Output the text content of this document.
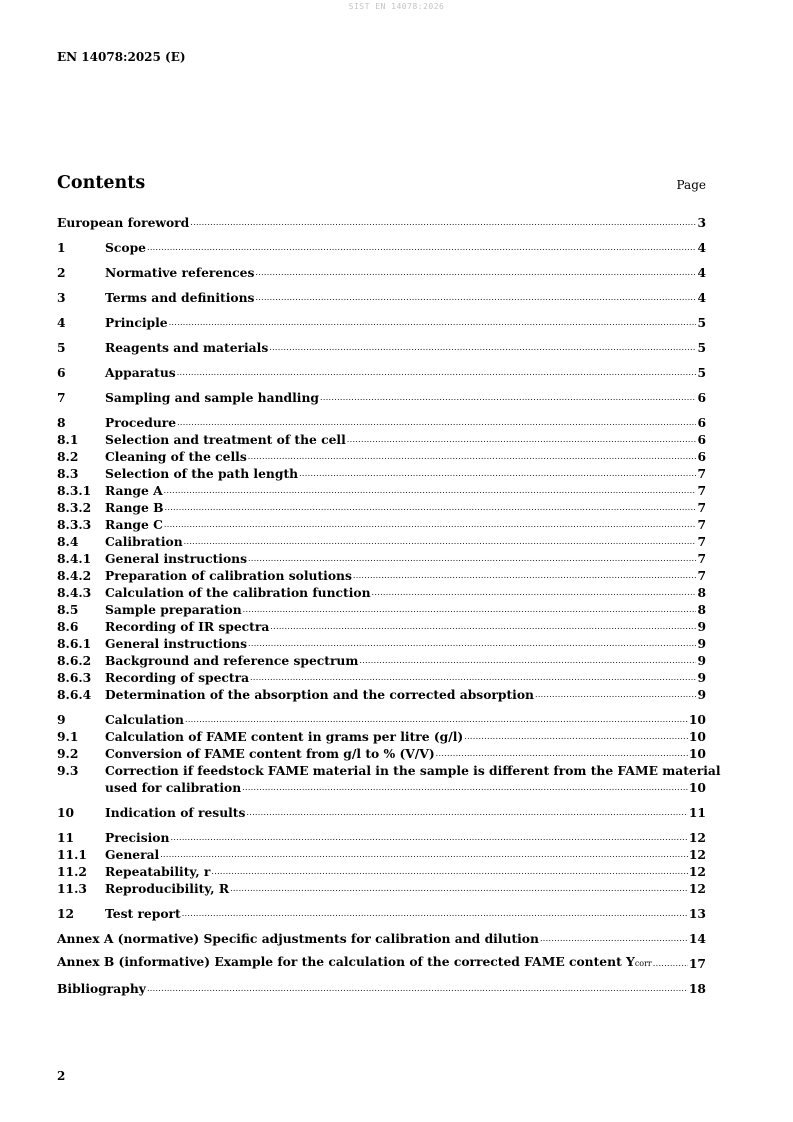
SIST EN 14078:2026
EN 14078:2025 (E)
Contents	Page
European foreword .....	3
1	Scope .....	4
2	Normative references .....	4
3	Terms and definitions .....	4
4	Principle .....	5
5	Reagents and materials .....	5
6	Apparatus .....	5
7	Sampling and sample handling .....	6
8	Procedure .....	6
8.1	Selection and treatment of the cell .....	6
8.2	Cleaning of the cells .....	6
8.3	Selection of the path length .....	7
8.3.1	Range A .....	7
8.3.2	Range B .....	7
8.3.3	Range C .....	7
8.4	Calibration .....	7
8.4.1	General instructions .....	7
8.4.2	Preparation of calibration solutions .....	7
8.4.3	Calculation of the calibration function .....	8
8.5	Sample preparation .....	8
8.6	Recording of IR spectra .....	9
8.6.1	General instructions .....	9
8.6.2	Background and reference spectrum .....	9
8.6.3	Recording of spectra .....	9
8.6.4	Determination of the absorption and the corrected absorption .....	9
9	Calculation .....	10
9.1	Calculation of FAME content in grams per litre (g/l) .....	10
9.2	Conversion of FAME content from g/l to % (V/V) .....	10
9.3	Correction if feedstock FAME material in the sample is different from the FAME material
used for calibration .....	10
10	Indication of results .....	11
11	Precision .....	12
11.1	General .....	12
11.2	Repeatability, r .....	12
11.3	Reproducibility, R .....	12
12	Test report .....	13
Annex A (normative) Specific adjustments for calibration and dilution .....	14
Annex B (informative) Example for the calculation of the corrected FAME content Ycorr .....	17
Bibliography .....	18
2
